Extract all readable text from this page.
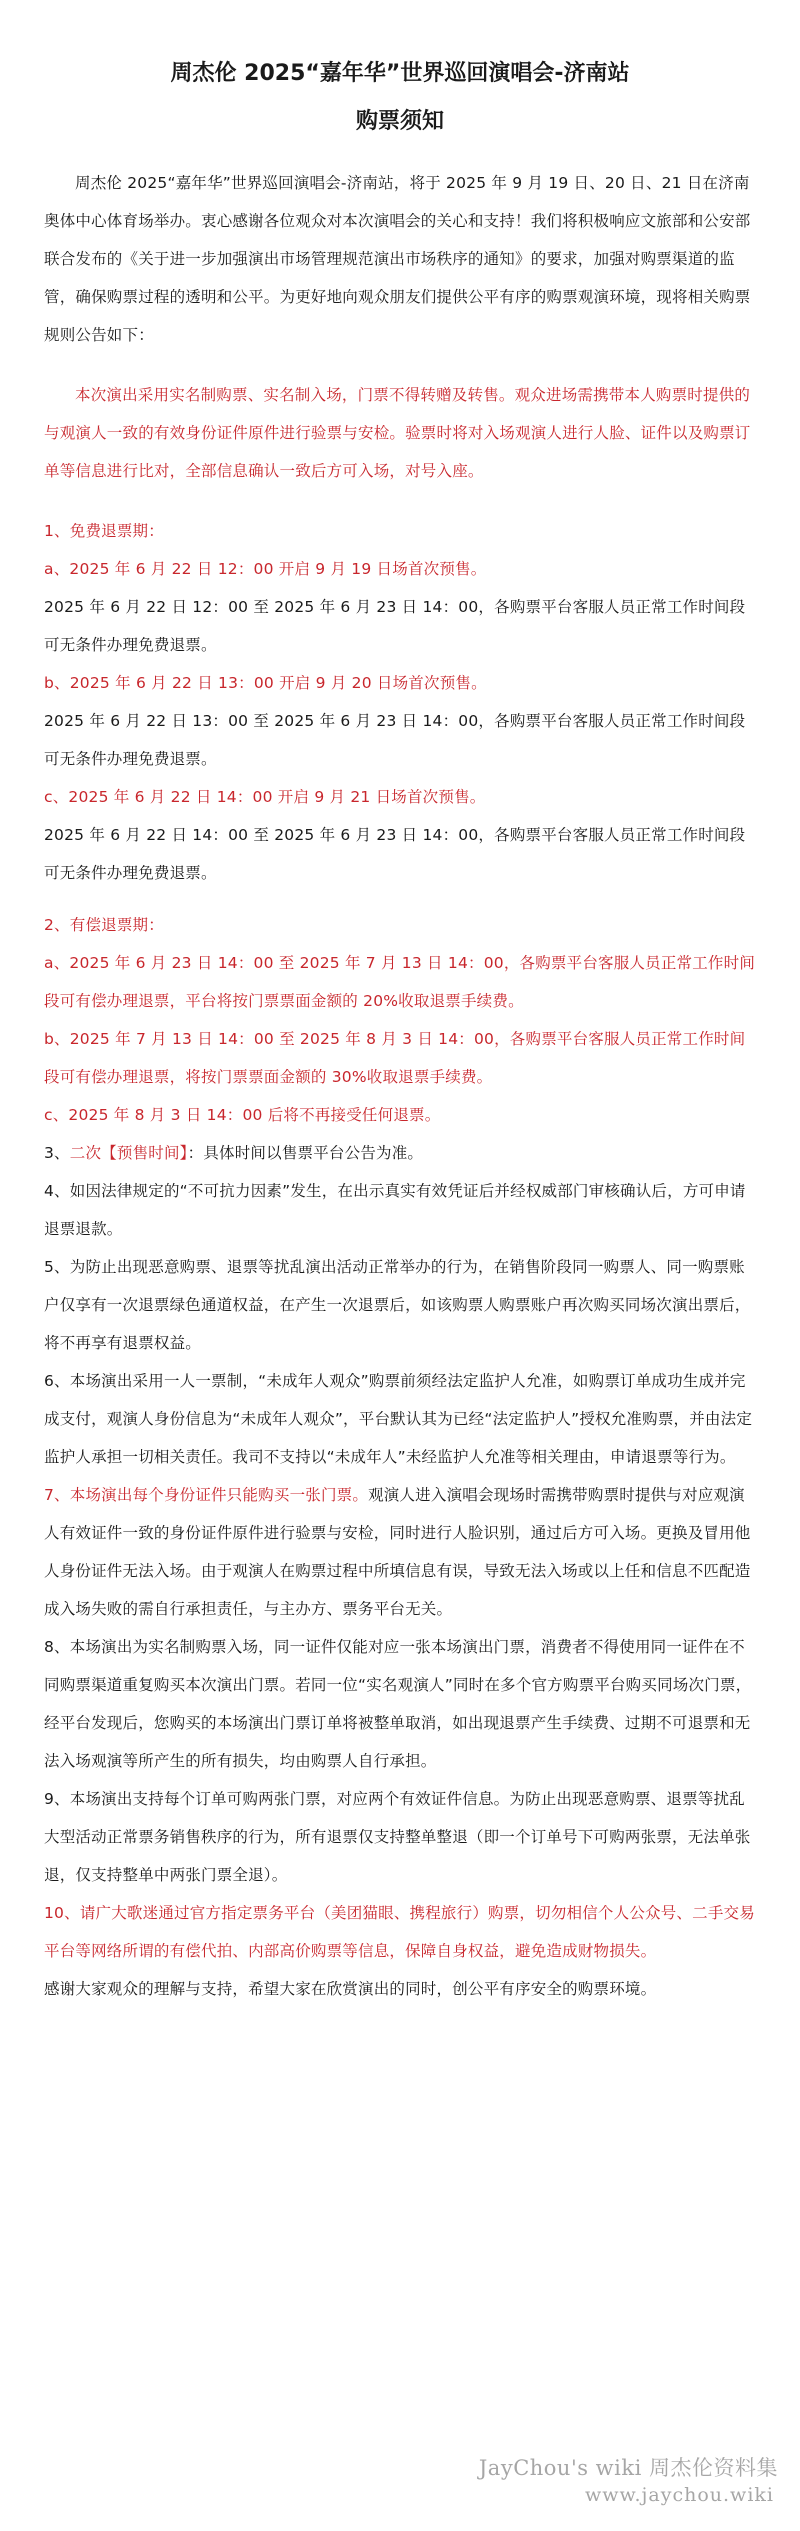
周杰伦 2025“嘉年华”世界巡回演唱会-济南站
购票须知

周杰伦 2025“嘉年华”世界巡回演唱会-济南站，将于 2025 年 9 月 19 日、20 日、21 日在济南奥体中心体育场举办。衷心感谢各位观众对本次演唱会的关心和支持！我们将积极响应文旅部和公安部联合发布的《关于进一步加强演出市场管理规范演出市场秩序的通知》的要求，加强对购票渠道的监管，确保购票过程的透明和公平。为更好地向观众朋友们提供公平有序的购票观演环境，现将相关购票规则公告如下：

本次演出采用实名制购票、实名制入场，门票不得转赠及转售。观众进场需携带本人购票时提供的与观演人一致的有效身份证件原件进行验票与安检。验票时将对入场观演人进行人脸、证件以及购票订单等信息进行比对，全部信息确认一致后方可入场，对号入座。

1、免费退票期：

a、2025 年 6 月 22 日 12：00 开启 9 月 19 日场首次预售。

2025 年 6 月 22 日 12：00 至 2025 年 6 月 23 日 14：00，各购票平台客服人员正常工作时间段可无条件办理免费退票。

b、2025 年 6 月 22 日 13：00 开启 9 月 20 日场首次预售。

2025 年 6 月 22 日 13：00 至 2025 年 6 月 23 日 14：00，各购票平台客服人员正常工作时间段可无条件办理免费退票。

c、2025 年 6 月 22 日 14：00 开启 9 月 21 日场首次预售。

2025 年 6 月 22 日 14：00 至 2025 年 6 月 23 日 14：00，各购票平台客服人员正常工作时间段可无条件办理免费退票。

2、有偿退票期：

a、2025 年 6 月 23 日 14：00 至 2025 年 7 月 13 日 14：00，各购票平台客服人员正常工作时间段可有偿办理退票，平台将按门票票面金额的 20%收取退票手续费。

b、2025 年 7 月 13 日 14：00 至 2025 年 8 月 3 日 14：00，各购票平台客服人员正常工作时间段可有偿办理退票，将按门票票面金额的 30%收取退票手续费。

c、2025 年 8 月 3 日 14：00 后将不再接受任何退票。

3、二次【预售时间】：具体时间以售票平台公告为准。

4、如因法律规定的“不可抗力因素”发生，在出示真实有效凭证后并经权威部门审核确认后，方可申请退票退款。

5、为防止出现恶意购票、退票等扰乱演出活动正常举办的行为，在销售阶段同一购票人、同一购票账户仅享有一次退票绿色通道权益，在产生一次退票后，如该购票人购票账户再次购买同场次演出票后，将不再享有退票权益。

6、本场演出采用一人一票制，“未成年人观众”购票前须经法定监护人允准，如购票订单成功生成并完成支付，观演人身份信息为“未成年人观众”，平台默认其为已经“法定监护人”授权允准购票，并由法定监护人承担一切相关责任。我司不支持以“未成年人”未经监护人允准等相关理由，申请退票等行为。

7、本场演出每个身份证件只能购买一张门票。观演人进入演唱会现场时需携带购票时提供与对应观演人有效证件一致的身份证件原件进行验票与安检，同时进行人脸识别，通过后方可入场。更换及冒用他人身份证件无法入场。由于观演人在购票过程中所填信息有误，导致无法入场或以上任和信息不匹配造成入场失败的需自行承担责任，与主办方、票务平台无关。

8、本场演出为实名制购票入场，同一证件仅能对应一张本场演出门票，消费者不得使用同一证件在不同购票渠道重复购买本次演出门票。若同一位“实名观演人”同时在多个官方购票平台购买同场次门票，经平台发现后，您购买的本场演出门票订单将被整单取消，如出现退票产生手续费、过期不可退票和无法入场观演等所产生的所有损失，均由购票人自行承担。

9、本场演出支持每个订单可购两张门票，对应两个有效证件信息。为防止出现恶意购票、退票等扰乱大型活动正常票务销售秩序的行为，所有退票仅支持整单整退（即一个订单号下可购两张票，无法单张退，仅支持整单中两张门票全退）。

10、请广大歌迷通过官方指定票务平台（美团猫眼、携程旅行）购票，切勿相信个人公众号、二手交易平台等网络所谓的有偿代拍、内部高价购票等信息，保障自身权益，避免造成财物损失。

感谢大家观众的理解与支持，希望大家在欣赏演出的同时，创公平有序安全的购票环境。

JayChou's wiki 周杰伦资料集
www.jaychou.wiki
